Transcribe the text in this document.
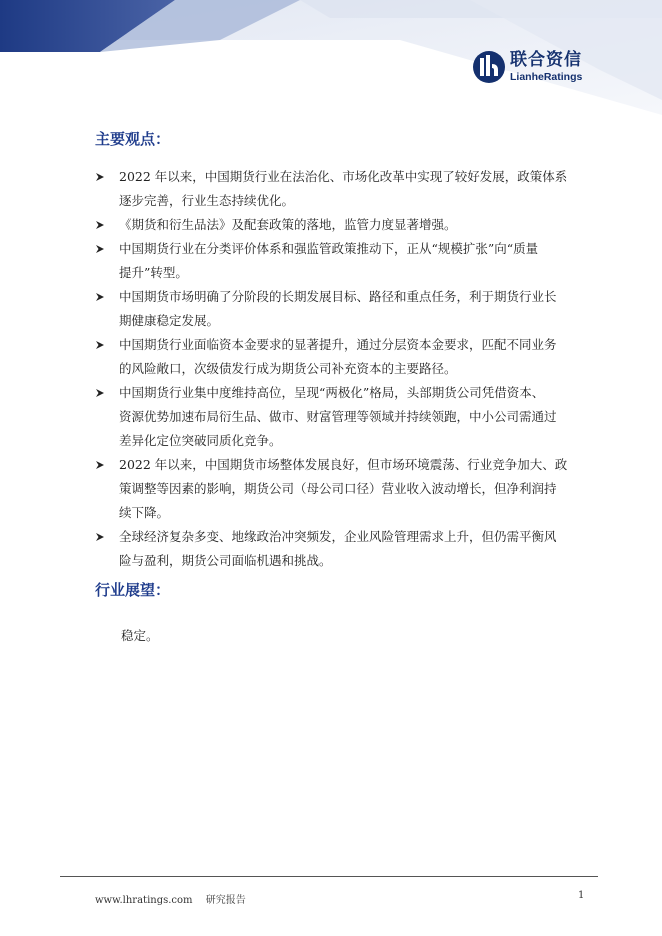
联合资信
LianheRatings
主要观点：
2022 年以来，中国期货行业在法治化、市场化改革中实现了较好发展，政策体系
逐步完善，行业生态持续优化。
《期货和衍生品法》及配套政策的落地，监管力度显著增强。
中国期货行业在分类评价体系和强监管政策推动下，正从“规模扩张”向“质量
提升”转型。
中国期货市场明确了分阶段的长期发展目标、路径和重点任务，利于期货行业长
期健康稳定发展。
中国期货行业面临资本金要求的显著提升，通过分层资本金要求，匹配不同业务
的风险敞口，次级债发行成为期货公司补充资本的主要路径。
中国期货行业集中度维持高位，呈现“两极化”格局，头部期货公司凭借资本、
资源优势加速布局衍生品、做市、财富管理等领域并持续领跑，中小公司需通过
差异化定位突破同质化竞争。
2022 年以来，中国期货市场整体发展良好，但市场环境震荡、行业竞争加大、政
策调整等因素的影响，期货公司（母公司口径）营业收入波动增长，但净利润持
续下降。
全球经济复杂多变、地缘政治冲突频发，企业风险管理需求上升，但仍需平衡风
险与盈利，期货公司面临机遇和挑战。
行业展望：
稳定。
www.lhratings.com 研究报告	1
